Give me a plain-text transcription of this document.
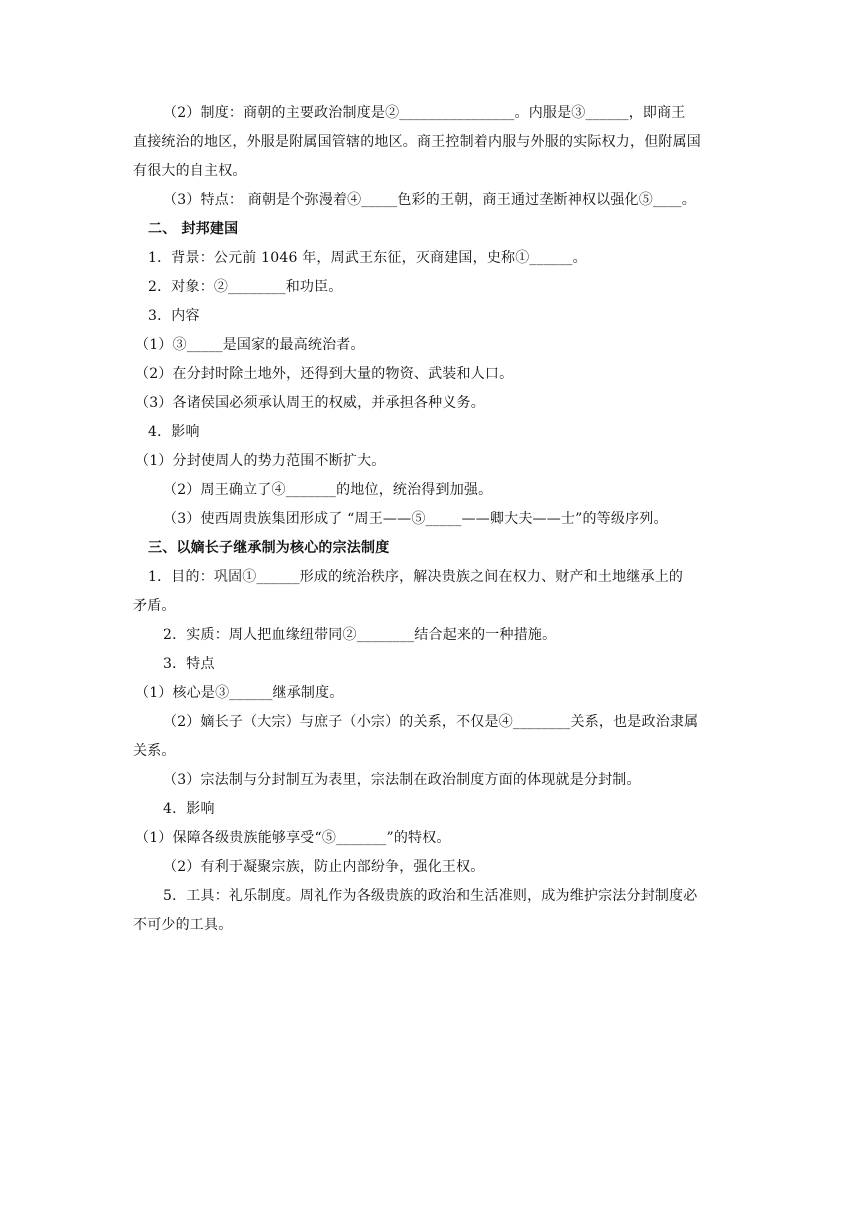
（2）制度：商朝的主要政治制度是②________________。内服是③______，即商王
直接统治的地区，外服是附属国管辖的地区。商王控制着内服与外服的实际权力，但附属国
有很大的自主权。
（3）特点： 商朝是个弥漫着④_____色彩的王朝，商王通过垄断神权以强化⑤____。
二、 封邦建国
1．背景：公元前 1046 年，周武王东征，灭商建国，史称①______。
2．对象：②________和功臣。
3．内容
（1）③_____是国家的最高统治者。
（2）在分封时除土地外，还得到大量的物资、武装和人口。
（3）各诸侯国必须承认周王的权威，并承担各种义务。
4．影响
（1）分封使周人的势力范围不断扩大。
（2）周王确立了④_______的地位，统治得到加强。
（3）使西周贵族集团形成了 “周王——⑤_____——卿大夫——士”的等级序列。
三、以嫡长子继承制为核心的宗法制度
1．目的：巩固①______形成的统治秩序，解决贵族之间在权力、财产和土地继承上的
矛盾。
2．实质：周人把血缘纽带同②________结合起来的一种措施。
3．特点
（1）核心是③______继承制度。
（2）嫡长子（大宗）与庶子（小宗）的关系，不仅是④________关系，也是政治隶属
关系。
（3）宗法制与分封制互为表里，宗法制在政治制度方面的体现就是分封制。
4．影响
（1）保障各级贵族能够享受“⑤_______”的特权。
（2）有利于凝聚宗族，防止内部纷争，强化王权。
5．工具：礼乐制度。周礼作为各级贵族的政治和生活准则，成为维护宗法分封制度必
不可少的工具。
